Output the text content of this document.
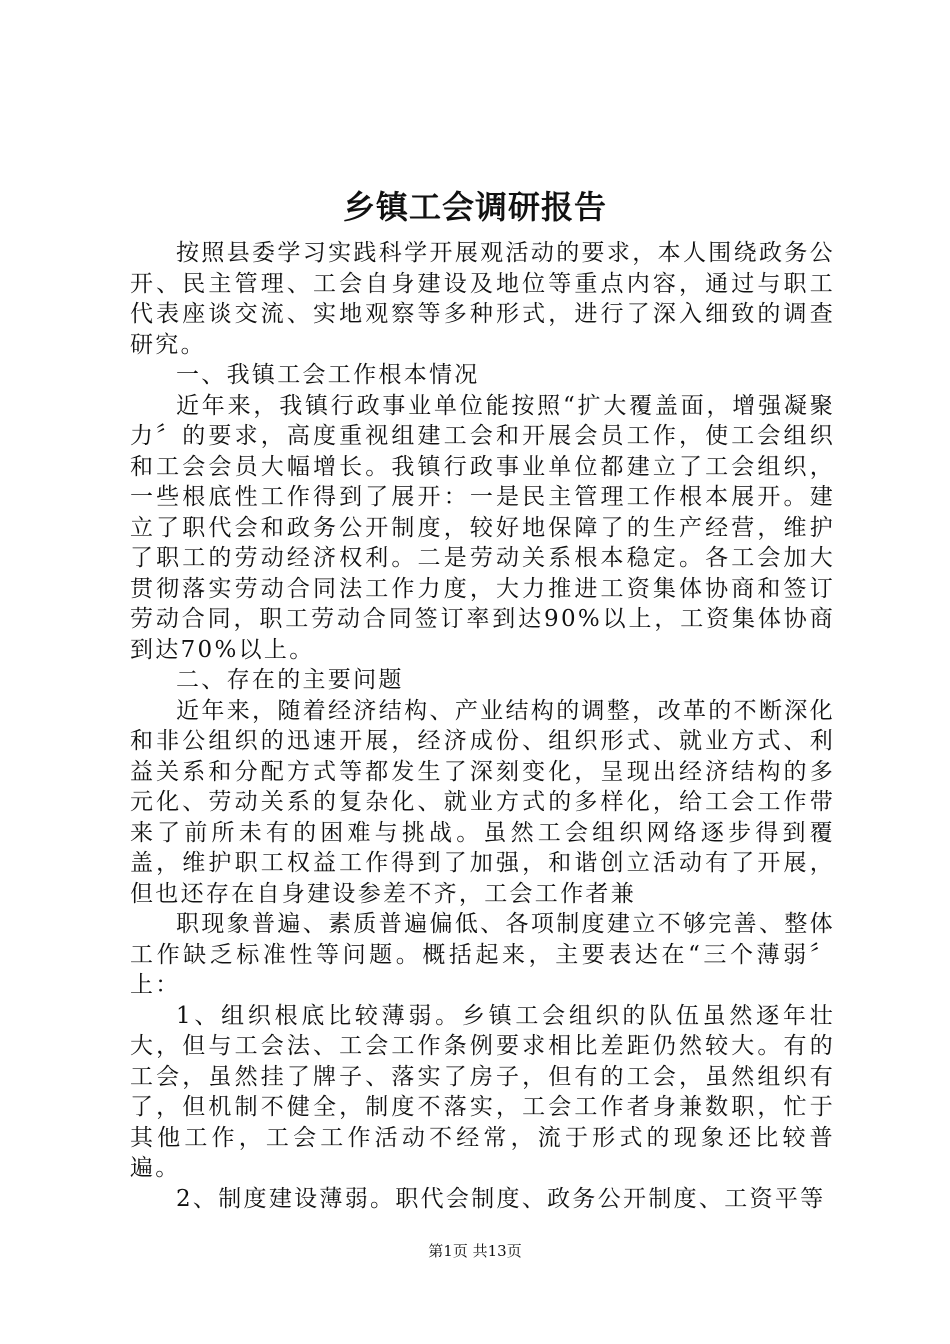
乡镇工会调研报告

按照县委学习实践科学开展观活动的要求，本人围绕政务公开、民主管理、工会自身建设及地位等重点内容，通过与职工代表座谈交流、实地观察等多种形式，进行了深入细致的调查研究。

一、我镇工会工作根本情况

近年来，我镇行政事业单位能按照“扩大覆盖面，增强凝聚力〞的要求，高度重视组建工会和开展会员工作，使工会组织和工会会员大幅增长。我镇行政事业单位都建立了工会组织，一些根底性工作得到了展开：一是民主管理工作根本展开。建立了职代会和政务公开制度，较好地保障了的生产经营，维护了职工的劳动经济权利。二是劳动关系根本稳定。各工会加大贯彻落实劳动合同法工作力度，大力推进工资集体协商和签订劳动合同，职工劳动合同签订率到达90%以上，工资集体协商到达70%以上。

二、存在的主要问题

近年来，随着经济结构、产业结构的调整，改革的不断深化和非公组织的迅速开展，经济成份、组织形式、就业方式、利益关系和分配方式等都发生了深刻变化，呈现出经济结构的多元化、劳动关系的复杂化、就业方式的多样化，给工会工作带来了前所未有的困难与挑战。虽然工会组织网络逐步得到覆盖，维护职工权益工作得到了加强，和谐创立活动有了开展，但也还存在自身建设参差不齐，工会工作者兼

职现象普遍、素质普遍偏低、各项制度建立不够完善、整体工作缺乏标准性等问题。概括起来，主要表达在“三个薄弱〞上：

1、组织根底比较薄弱。乡镇工会组织的队伍虽然逐年壮大，但与工会法、工会工作条例要求相比差距仍然较大。有的工会，虽然挂了牌子、落实了房子，但有的工会，虽然组织有了，但机制不健全，制度不落实，工会工作者身兼数职，忙于其他工作，工会工作活动不经常，流于形式的现象还比较普遍。

2、制度建设薄弱。职代会制度、政务公开制度、工资平等

第1页 共13页
